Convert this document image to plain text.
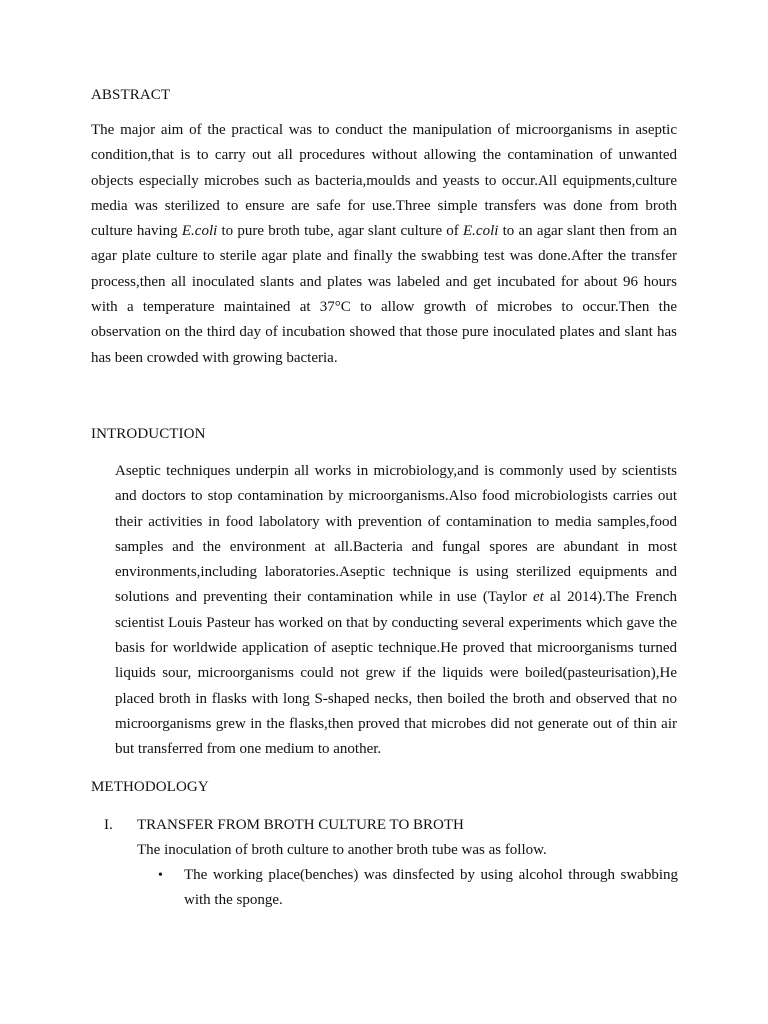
ABSTRACT
The major aim of the practical was to conduct the manipulation of microorganisms in aseptic condition,that is to carry out all procedures without allowing the contamination of unwanted objects especially microbes such as bacteria,moulds and yeasts to occur.All equipments,culture media was sterilized to ensure are safe for use.Three simple transfers was done from broth culture having E.coli to pure broth tube, agar slant culture of E.coli to an agar slant then from an agar plate culture to sterile agar plate and finally the swabbing test was done.After the transfer process,then all inoculated slants and plates was labeled and get incubated for about 96 hours with a temperature maintained at 37°C to allow growth of microbes to occur.Then the observation on the third day of incubation showed that those pure inoculated plates and slant has has been crowded with growing bacteria.
INTRODUCTION
Aseptic techniques underpin all works in microbiology,and is commonly used by scientists and doctors to stop contamination by microorganisms.Also food microbiologists carries out their activities in food labolatory with prevention of contamination to media samples,food samples and the environment at all.Bacteria and fungal spores are abundant in most environments,including laboratories.Aseptic technique is using sterilized equipments and solutions and preventing their contamination while in use (Taylor et al 2014).The French scientist Louis Pasteur has worked on that by conducting several experiments which gave the basis for worldwide application of aseptic technique.He proved that microorganisms turned liquids sour, microorganisms could not grew if the liquids were boiled(pasteurisation),He placed broth in flasks with long S-shaped necks, then boiled the broth and observed that no microorganisms grew in the flasks,then proved that microbes did not generate out of thin air but transferred from one medium to another.
METHODOLOGY
I. TRANSFER FROM BROTH CULTURE TO BROTH
The inoculation of broth culture to another broth tube was as follow.
• The working place(benches) was dinsfected by using alcohol through swabbing with the sponge.
